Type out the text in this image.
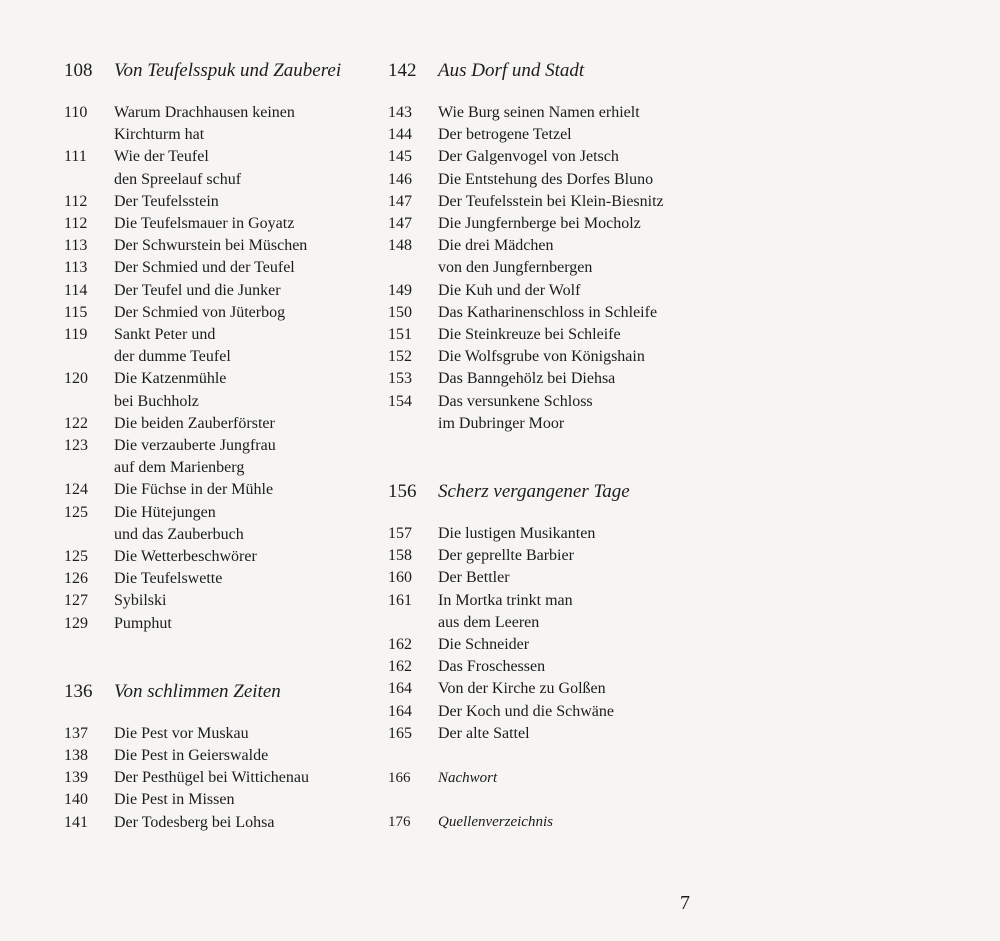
108	Von Teufelsspuk und Zauberei
110	Warum Drachhausen keinen
Kirchturm hat
111	Wie der Teufel
den Spreelauf schuf
112	Der Teufelsstein
112	Die Teufelsmauer in Goyatz
113	Der Schwurstein bei Müschen
113	Der Schmied und der Teufel
114	Der Teufel und die Junker
115	Der Schmied von Jüterbog
119	Sankt Peter und
der dumme Teufel
120	Die Katzenmühle
bei Buchholz
122	Die beiden Zauberförster
123	Die verzauberte Jungfrau
auf dem Marienberg
124	Die Füchse in der Mühle
125	Die Hütejungen
und das Zauberbuch
125	Die Wetterbeschwörer
126	Die Teufelswette
127	Sybilski
129	Pumphut
136	Von schlimmen Zeiten
137	Die Pest vor Muskau
138	Die Pest in Geierswalde
139	Der Pesthügel bei Wittichenau
140	Die Pest in Missen
141	Der Todesberg bei Lohsa
142	Aus Dorf und Stadt
143	Wie Burg seinen Namen erhielt
144	Der betrogene Tetzel
145	Der Galgenvogel von Jetsch
146	Die Entstehung des Dorfes Bluno
147	Der Teufelsstein bei Klein-Biesnitz
147	Die Jungfernberge bei Mocholz
148	Die drei Mädchen
von den Jungfernbergen
149	Die Kuh und der Wolf
150	Das Katharinenschloss in Schleife
151	Die Steinkreuze bei Schleife
152	Die Wolfsgrube von Königshain
153	Das Banngehölz bei Diehsa
154	Das versunkene Schloss
im Dubringer Moor
156	Scherz vergangener Tage
157	Die lustigen Musikanten
158	Der geprellte Barbier
160	Der Bettler
161	In Mortka trinkt man
aus dem Leeren
162	Die Schneider
162	Das Froschessen
164	Von der Kirche zu Golßen
164	Der Koch und die Schwäne
165	Der alte Sattel
166	Nachwort
176	Quellenverzeichnis
7
